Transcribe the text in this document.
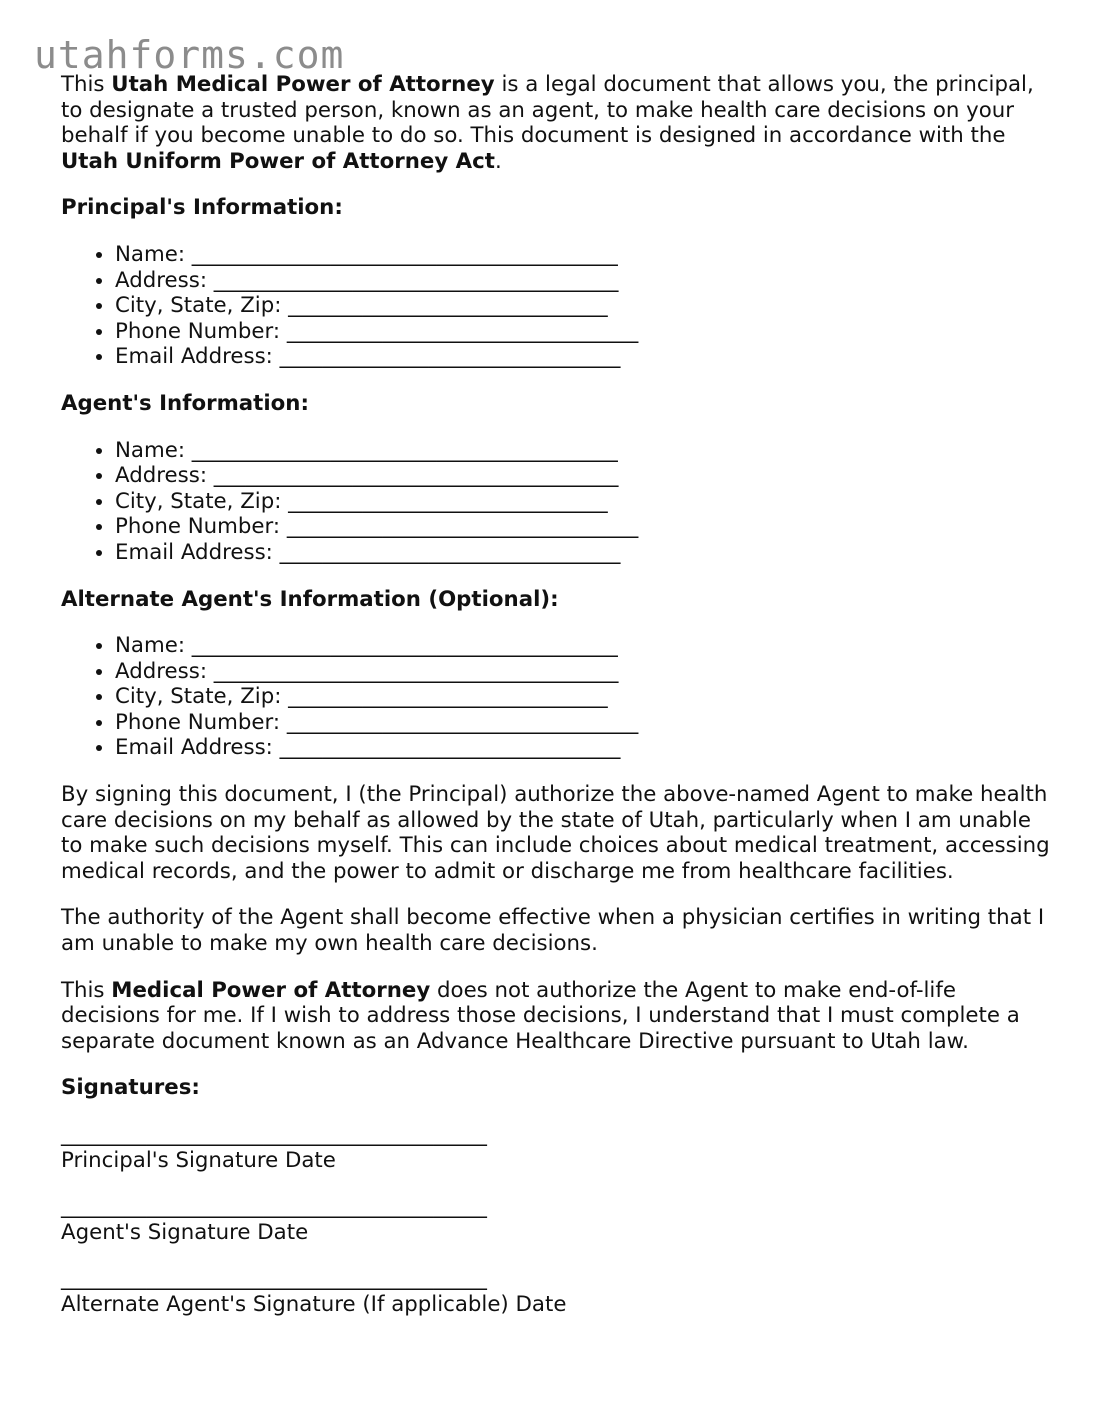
utahforms.com

This Utah Medical Power of Attorney is a legal document that allows you, the principal, to designate a trusted person, known as an agent, to make health care decisions on your behalf if you become unable to do so. This document is designed in accordance with the Utah Uniform Power of Attorney Act.

Principal's Information:
• Name: ________________________________________
• Address: ______________________________________
• City, State, Zip: ______________________________
• Phone Number: _________________________________
• Email Address: ________________________________
Agent's Information:
• Name: ________________________________________
• Address: ______________________________________
• City, State, Zip: ______________________________
• Phone Number: _________________________________
• Email Address: ________________________________
Alternate Agent's Information (Optional):
• Name: ________________________________________
• Address: ______________________________________
• City, State, Zip: ______________________________
• Phone Number: _________________________________
• Email Address: ________________________________

By signing this document, I (the Principal) authorize the above-named Agent to make health care decisions on my behalf as allowed by the state of Utah, particularly when I am unable to make such decisions myself. This can include choices about medical treatment, accessing medical records, and the power to admit or discharge me from healthcare facilities.

The authority of the Agent shall become effective when a physician certifies in writing that I am unable to make my own health care decisions.

This Medical Power of Attorney does not authorize the Agent to make end-of-life decisions for me. If I wish to address those decisions, I understand that I must complete a separate document known as an Advance Healthcare Directive pursuant to Utah law.

Signatures:
________________________________________
Principal's Signature Date
________________________________________
Agent's Signature Date
________________________________________
Alternate Agent's Signature (If applicable) Date
